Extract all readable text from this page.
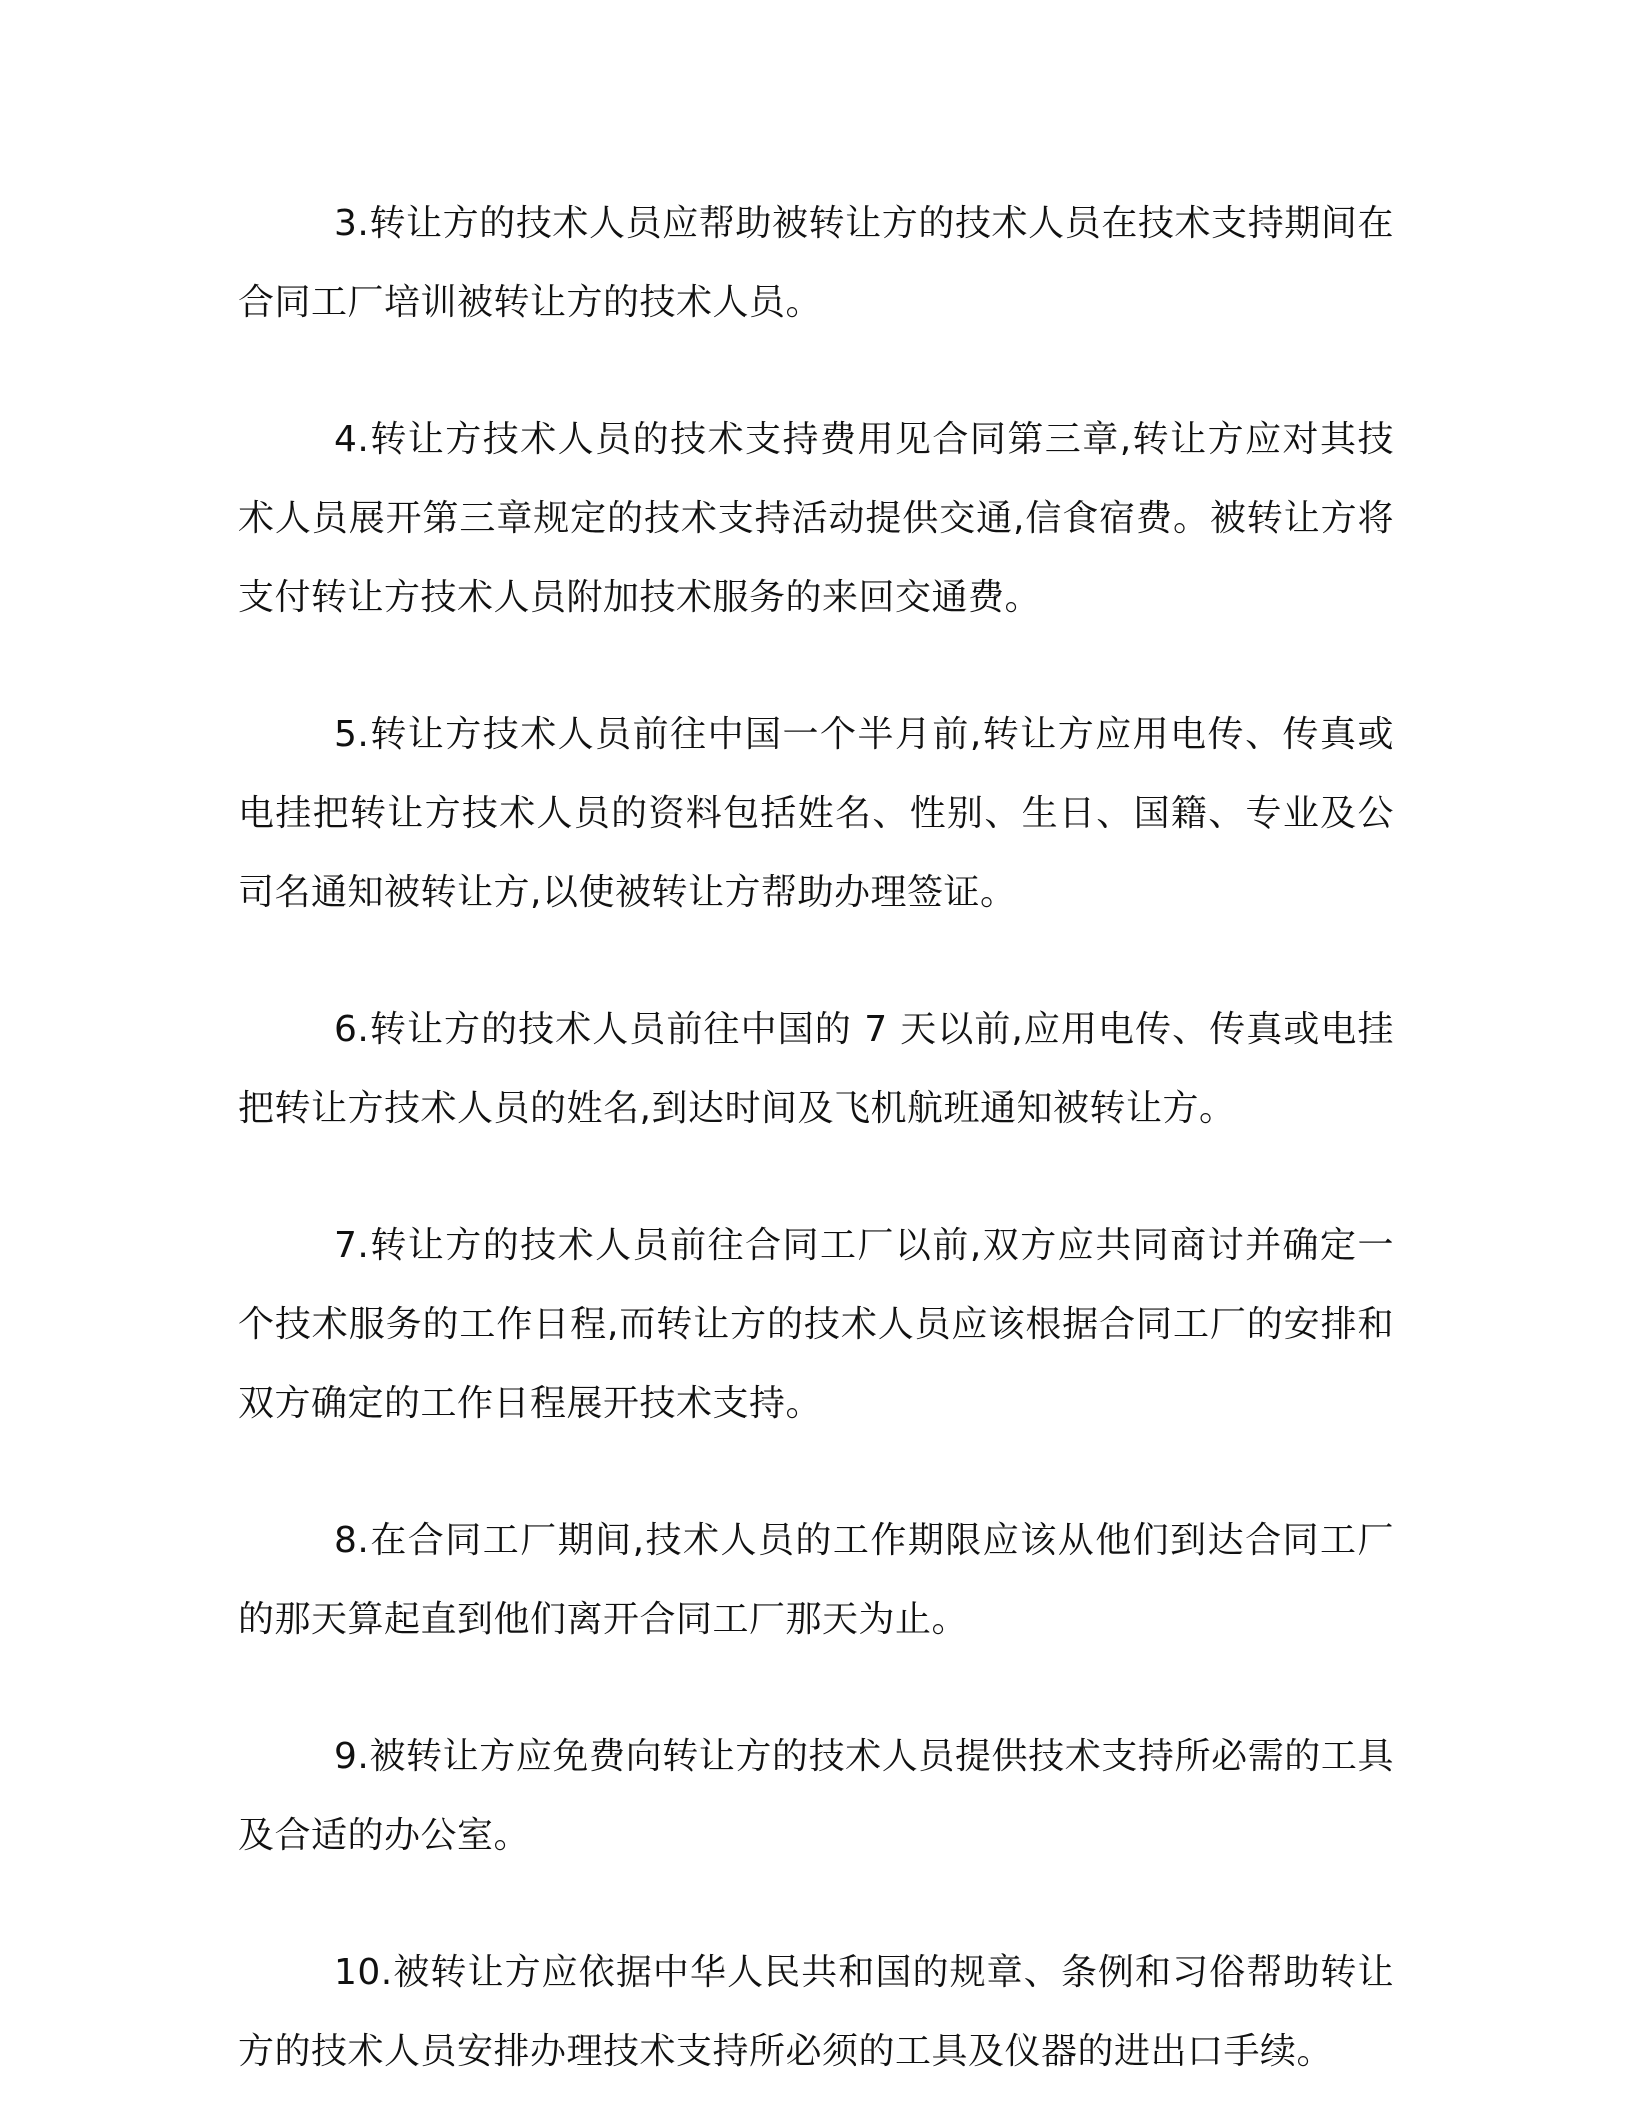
3.转让方的技术人员应帮助被转让方的技术人员在技术支持期间在合同工厂培训被转让方的技术人员。

4.转让方技术人员的技术支持费用见合同第三章,转让方应对其技术人员展开第三章规定的技术支持活动提供交通,信食宿费。被转让方将支付转让方技术人员附加技术服务的来回交通费。

5.转让方技术人员前往中国一个半月前,转让方应用电传、传真或电挂把转让方技术人员的资料包括姓名、性别、生日、国籍、专业及公司名通知被转让方,以使被转让方帮助办理签证。

6.转让方的技术人员前往中国的 7 天以前,应用电传、传真或电挂把转让方技术人员的姓名,到达时间及飞机航班通知被转让方。

7.转让方的技术人员前往合同工厂以前,双方应共同商讨并确定一个技术服务的工作日程,而转让方的技术人员应该根据合同工厂的安排和双方确定的工作日程展开技术支持。

8.在合同工厂期间,技术人员的工作期限应该从他们到达合同工厂的那天算起直到他们离开合同工厂那天为止。

9.被转让方应免费向转让方的技术人员提供技术支持所必需的工具及合适的办公室。

10.被转让方应依据中华人民共和国的规章、条例和习俗帮助转让方的技术人员安排办理技术支持所必须的工具及仪器的进出口手续。
